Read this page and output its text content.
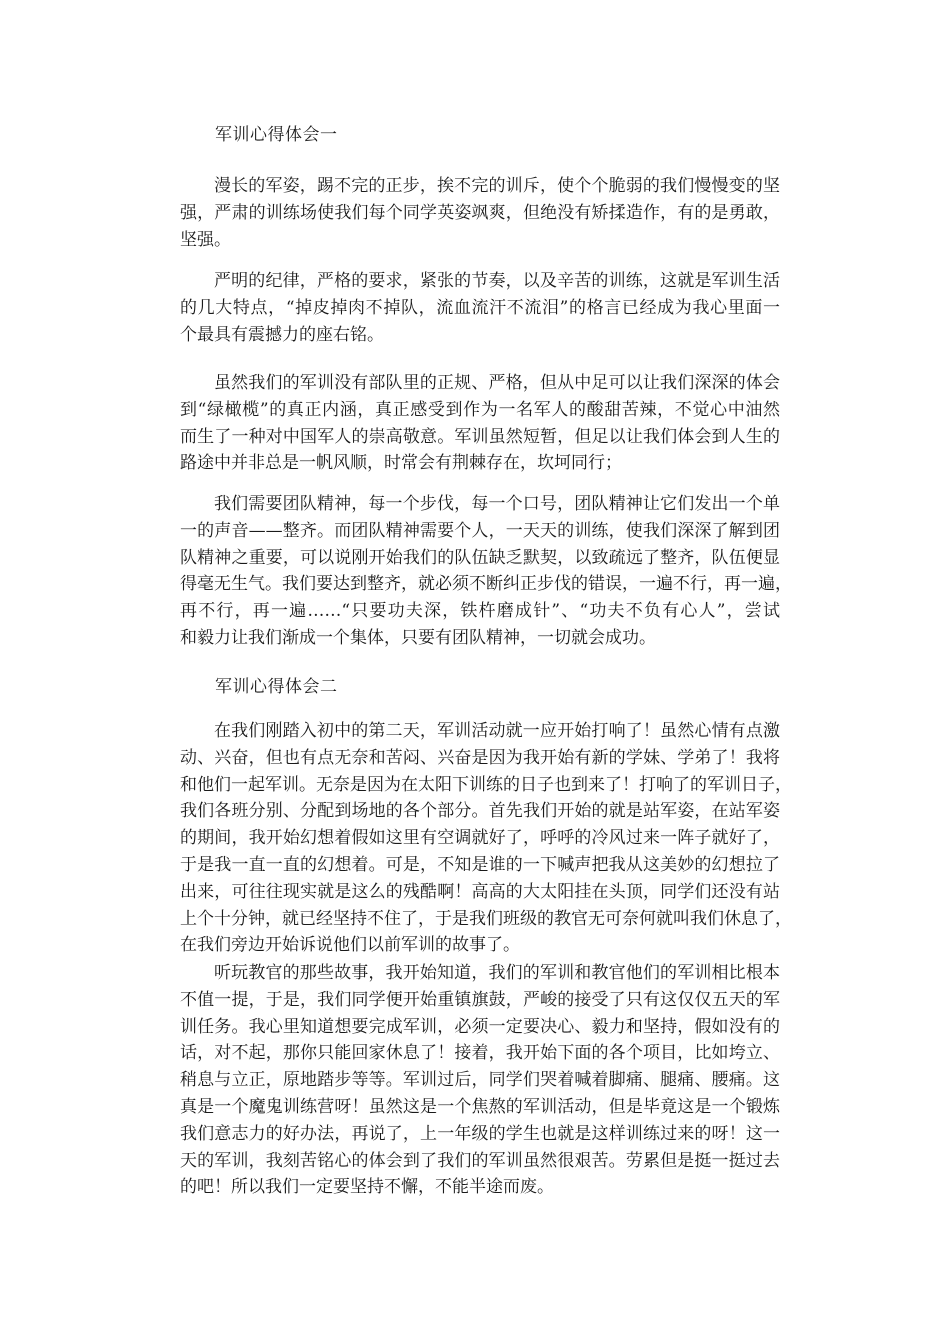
军训心得体会一
漫长的军姿，踢不完的正步，挨不完的训斥，使个个脆弱的我们慢慢变的坚
强，严肃的训练场使我们每个同学英姿飒爽，但绝没有矫揉造作，有的是勇敢，
坚强。
严明的纪律，严格的要求，紧张的节奏，以及辛苦的训练，这就是军训生活
的几大特点，“掉皮掉肉不掉队，流血流汗不流泪”的格言已经成为我心里面一
个最具有震撼力的座右铭。
虽然我们的军训没有部队里的正规、严格，但从中足可以让我们深深的体会
到“绿橄榄”的真正内涵，真正感受到作为一名军人的酸甜苦辣，不觉心中油然
而生了一种对中国军人的崇高敬意。军训虽然短暂，但足以让我们体会到人生的
路途中并非总是一帆风顺，时常会有荆棘存在，坎坷同行；
我们需要团队精神，每一个步伐，每一个口号，团队精神让它们发出一个单
一的声音——整齐。而团队精神需要个人，一天天的训练，使我们深深了解到团
队精神之重要，可以说刚开始我们的队伍缺乏默契，以致疏远了整齐，队伍便显
得毫无生气。我们要达到整齐，就必须不断纠正步伐的错误，一遍不行，再一遍，
再不行，再一遍……“只要功夫深，铁杵磨成针”、“功夫不负有心人”，尝试
和毅力让我们渐成一个集体，只要有团队精神，一切就会成功。
军训心得体会二
在我们刚踏入初中的第二天，军训活动就一应开始打响了！虽然心情有点激
动、兴奋，但也有点无奈和苦闷、兴奋是因为我开始有新的学妹、学弟了！我将
和他们一起军训。无奈是因为在太阳下训练的日子也到来了！打响了的军训日子，
我们各班分别、分配到场地的各个部分。首先我们开始的就是站军姿，在站军姿
的期间，我开始幻想着假如这里有空调就好了，呼呼的冷风过来一阵子就好了，
于是我一直一直的幻想着。可是，不知是谁的一下喊声把我从这美妙的幻想拉了
出来，可往往现实就是这么的残酷啊！高高的大太阳挂在头顶，同学们还没有站
上个十分钟，就已经坚持不住了，于是我们班级的教官无可奈何就叫我们休息了，
在我们旁边开始诉说他们以前军训的故事了。
听玩教官的那些故事，我开始知道，我们的军训和教官他们的军训相比根本
不值一提，于是，我们同学便开始重镇旗鼓，严峻的接受了只有这仅仅五天的军
训任务。我心里知道想要完成军训，必须一定要决心、毅力和坚持，假如没有的
话，对不起，那你只能回家休息了！接着，我开始下面的各个项目，比如垮立、
稍息与立正，原地踏步等等。军训过后，同学们哭着喊着脚痛、腿痛、腰痛。这
真是一个魔鬼训练营呀！虽然这是一个焦熬的军训活动，但是毕竟这是一个锻炼
我们意志力的好办法，再说了，上一年级的学生也就是这样训练过来的呀！这一
天的军训，我刻苦铭心的体会到了我们的军训虽然很艰苦。劳累但是挺一挺过去
的吧！所以我们一定要坚持不懈，不能半途而废。
